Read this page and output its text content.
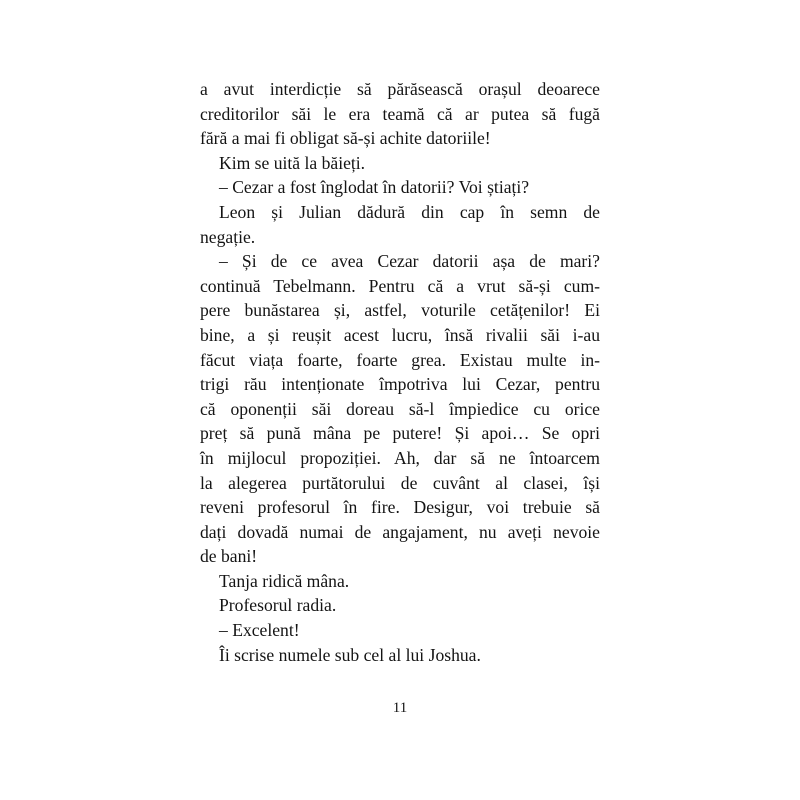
a avut interdicție să părăsească orașul deoarece
creditorilor săi le era teamă că ar putea să fugă
fără a mai fi obligat să-și achite datoriile!
Kim se uită la băieți.
– Cezar a fost înglodat în datorii? Voi știați?
Leon și Julian dădură din cap în semn de
negație.
– Și de ce avea Cezar datorii așa de mari?
continuă Tebelmann. Pentru că a vrut să-și cum-
pere bunăstarea și, astfel, voturile cetățenilor! Ei
bine, a și reușit acest lucru, însă rivalii săi i-au
făcut viața foarte, foarte grea. Existau multe in-
trigi rău intenționate împotriva lui Cezar, pentru
că oponenții săi doreau să-l împiedice cu orice
preț să pună mâna pe putere! Și apoi… Se opri
în mijlocul propoziției. Ah, dar să ne întoarcem
la alegerea purtătorului de cuvânt al clasei, își
reveni profesorul în fire. Desigur, voi trebuie să
dați dovadă numai de angajament, nu aveți nevoie
de bani!
Tanja ridică mâna.
Profesorul radia.
– Excelent!
Îi scrise numele sub cel al lui Joshua.
11
